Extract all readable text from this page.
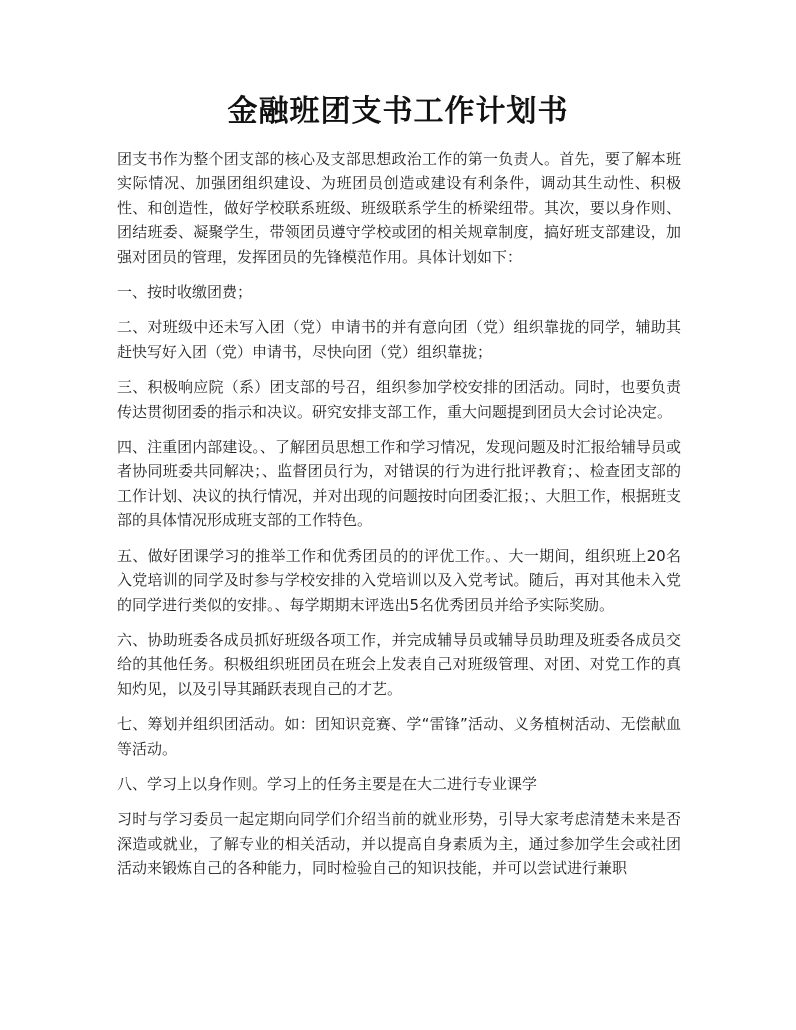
金融班团支书工作计划书

团支书作为整个团支部的核心及支部思想政治工作的第一负责人。首先，要了解本班实际情况、加强团组织建设、为班团员创造或建设有利条件，调动其生动性、积极性、和创造性，做好学校联系班级、班级联系学生的桥梁纽带。其次，要以身作则、团结班委、凝聚学生，带领团员遵守学校或团的相关规章制度，搞好班支部建设，加强对团员的管理，发挥团员的先锋模范作用。具体计划如下：

一、按时收缴团费；

二、对班级中还未写入团（党）申请书的并有意向团（党）组织靠拢的同学，辅助其赶快写好入团（党）申请书，尽快向团（党）组织靠拢；

三、积极响应院（系）团支部的号召，组织参加学校安排的团活动。同时，也要负责传达贯彻团委的指示和决议。研究安排支部工作，重大问题提到团员大会讨论决定。

四、注重团内部建设。、了解团员思想工作和学习情况，发现问题及时汇报给辅导员或者协同班委共同解决；、监督团员行为，对错误的行为进行批评教育；、检查团支部的工作计划、决议的执行情况，并对出现的问题按时向团委汇报；、大胆工作，根据班支部的具体情况形成班支部的工作特色。

五、做好团课学习的推举工作和优秀团员的的评优工作。、大一期间，组织班上20名入党培训的同学及时参与学校安排的入党培训以及入党考试。随后，再对其他未入党的同学进行类似的安排。、每学期期末评选出5名优秀团员并给予实际奖励。

六、协助班委各成员抓好班级各项工作，并完成辅导员或辅导员助理及班委各成员交给的其他任务。积极组织班团员在班会上发表自己对班级管理、对团、对党工作的真知灼见，以及引导其踊跃表现自己的才艺。

七、筹划并组织团活动。如：团知识竞赛、学“雷锋”活动、义务植树活动、无偿献血等活动。

八、学习上以身作则。学习上的任务主要是在大二进行专业课学

习时与学习委员一起定期向同学们介绍当前的就业形势，引导大家考虑清楚未来是否深造或就业，了解专业的相关活动，并以提高自身素质为主，通过参加学生会或社团活动来锻炼自己的各种能力，同时检验自己的知识技能，并可以尝试进行兼职
